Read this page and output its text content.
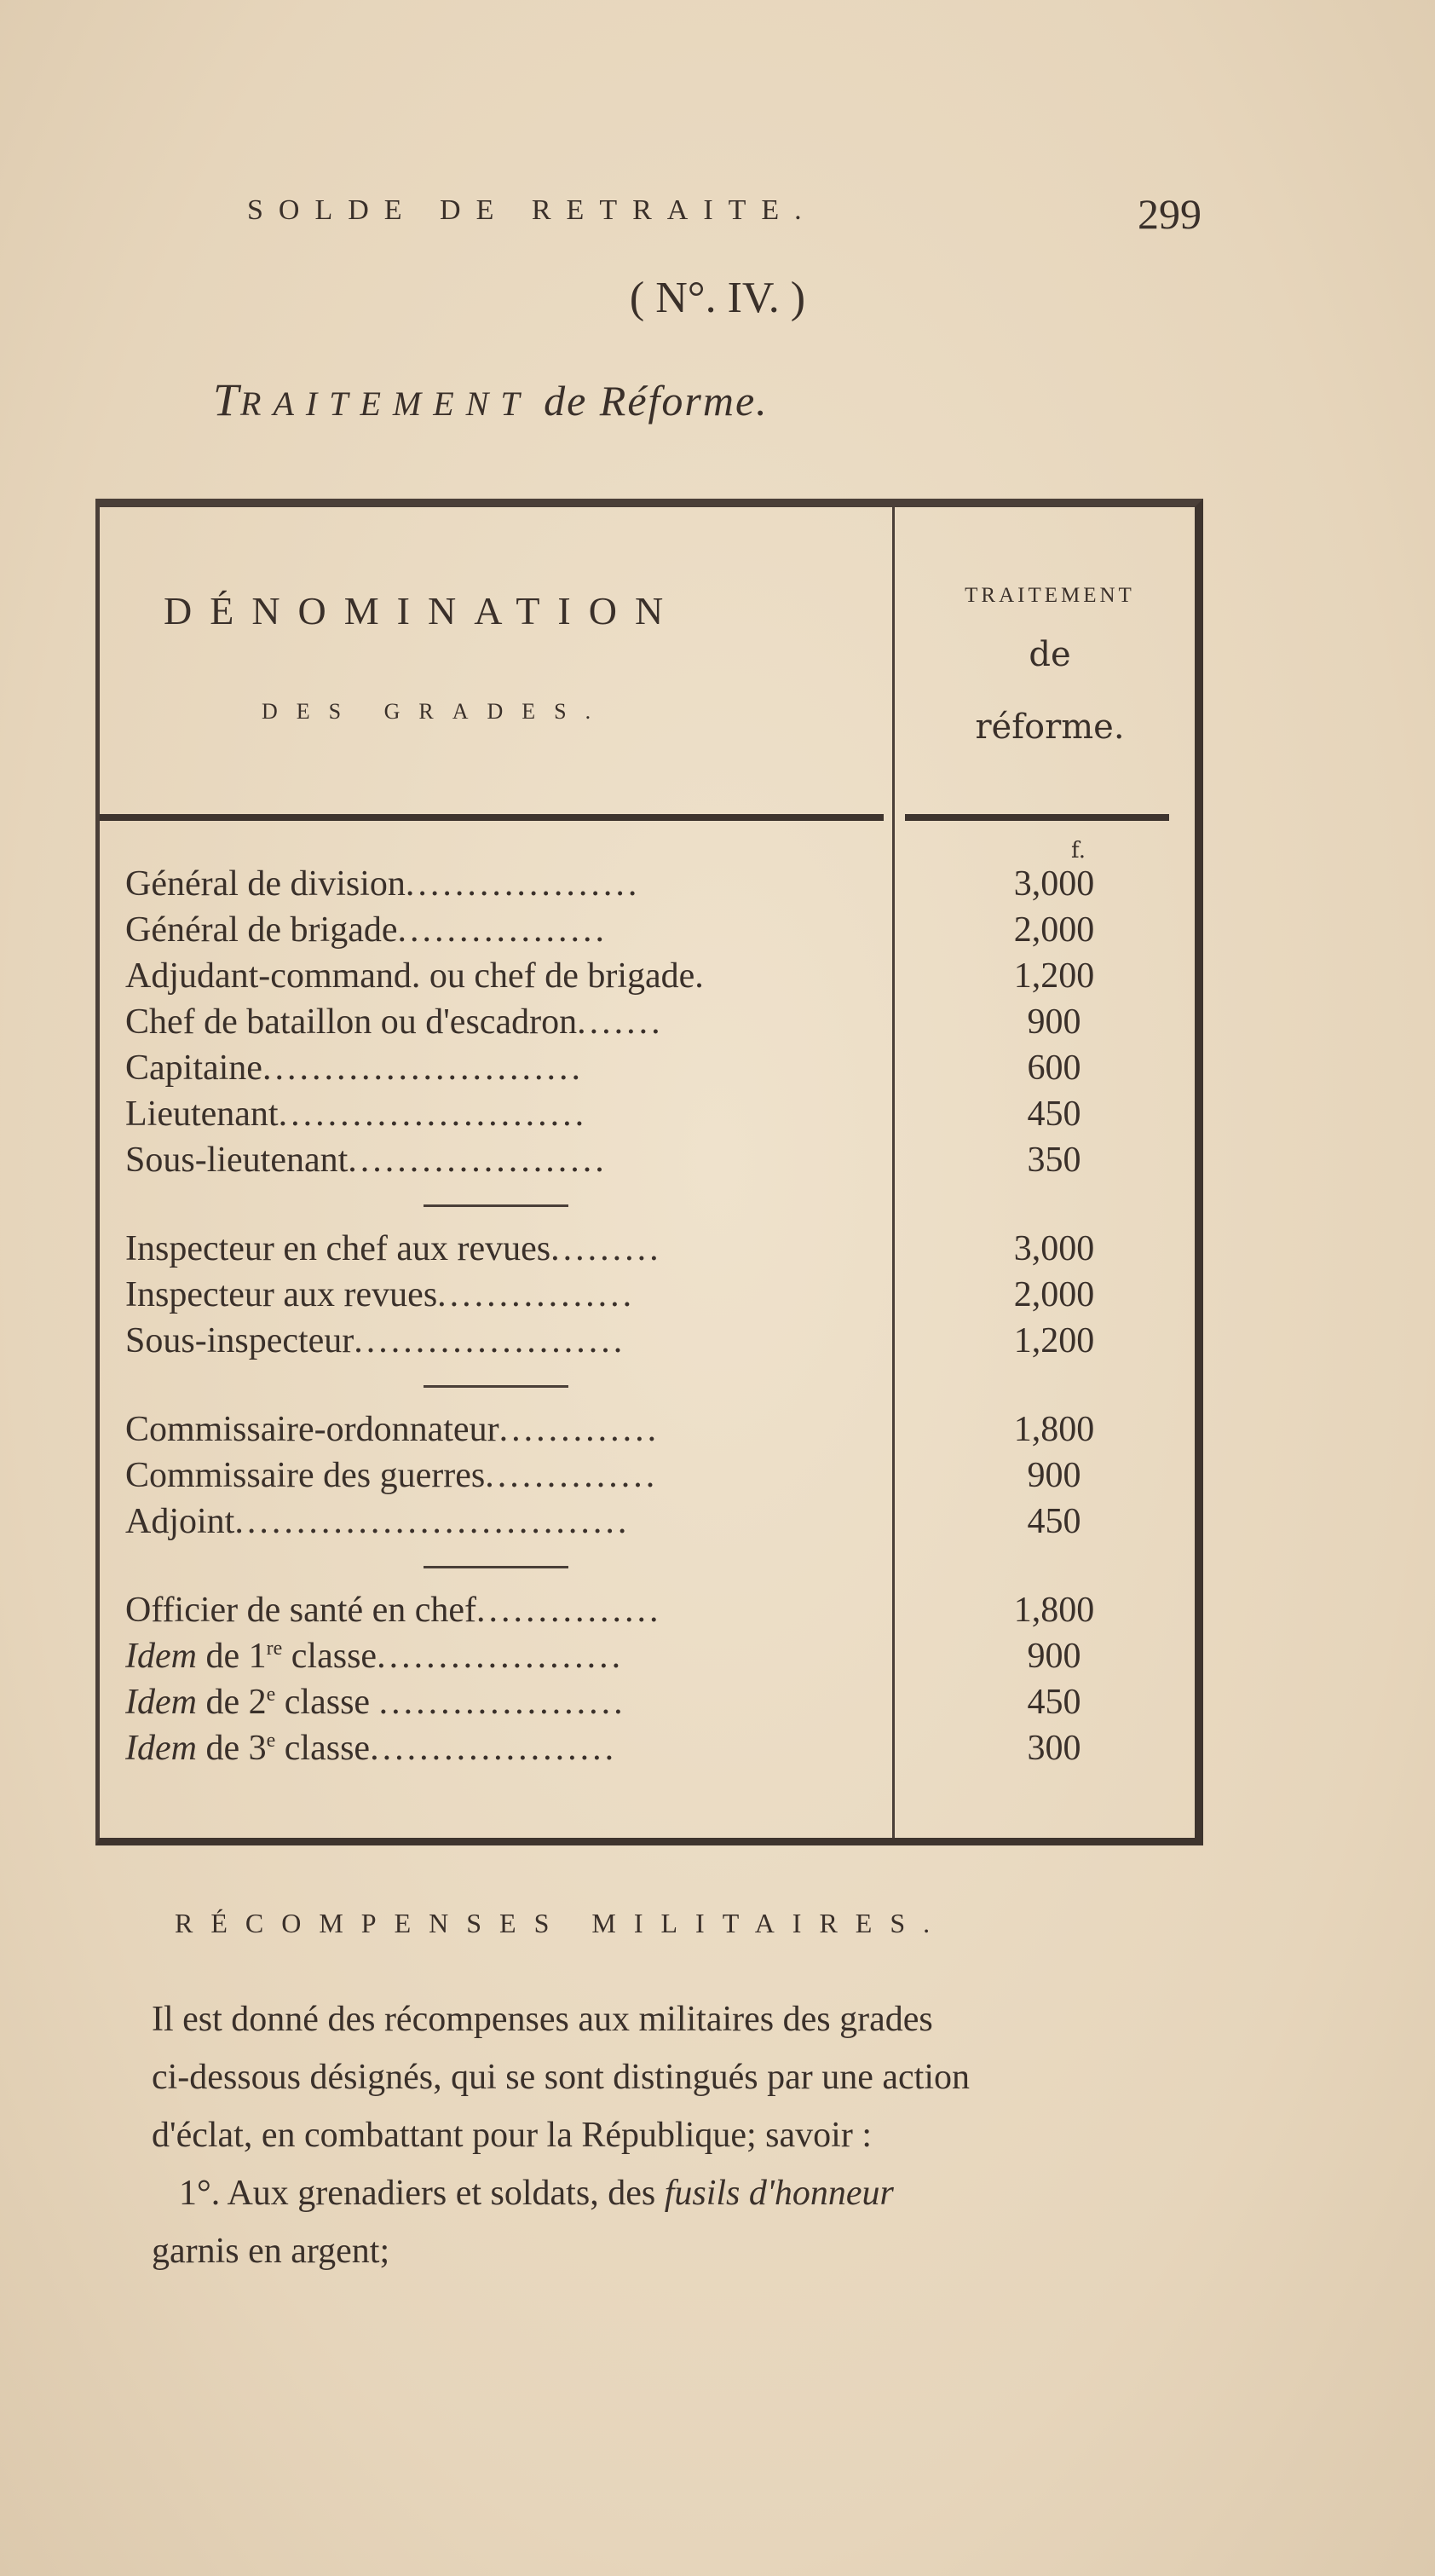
SOLDE DE RETRAITE.	299
( N°. IV. )
TRAITEMENT de Réforme.
DÉNOMINATION
DES GRADES.
TRAITEMENT
de
réforme.
f.
Général de division...................	3,000
Général de brigade.................	2,000
Adjudant-command. ou chef de brigade.	1,200
Chef de bataillon ou d'escadron.......	900
Capitaine..........................	600
Lieutenant.........................	450
Sous-lieutenant.....................	350
Inspecteur en chef aux revues.........	3,000
Inspecteur aux revues................	2,000
Sous-inspecteur......................	1,200
Commissaire-ordonnateur.............	1,800
Commissaire des guerres..............	900
Adjoint................................	450
Officier de santé en chef...............	1,800
Idem de 1re classe....................	900
Idem de 2e classe ....................	450
Idem de 3e classe....................	300
RÉCOMPENSES MILITAIRES.
Il est donné des récompenses aux militaires des grades
ci-dessous désignés, qui se sont distingués par une action
d'éclat, en combattant pour la République; savoir :
1°. Aux grenadiers et soldats, des fusils d'honneur
garnis en argent;
